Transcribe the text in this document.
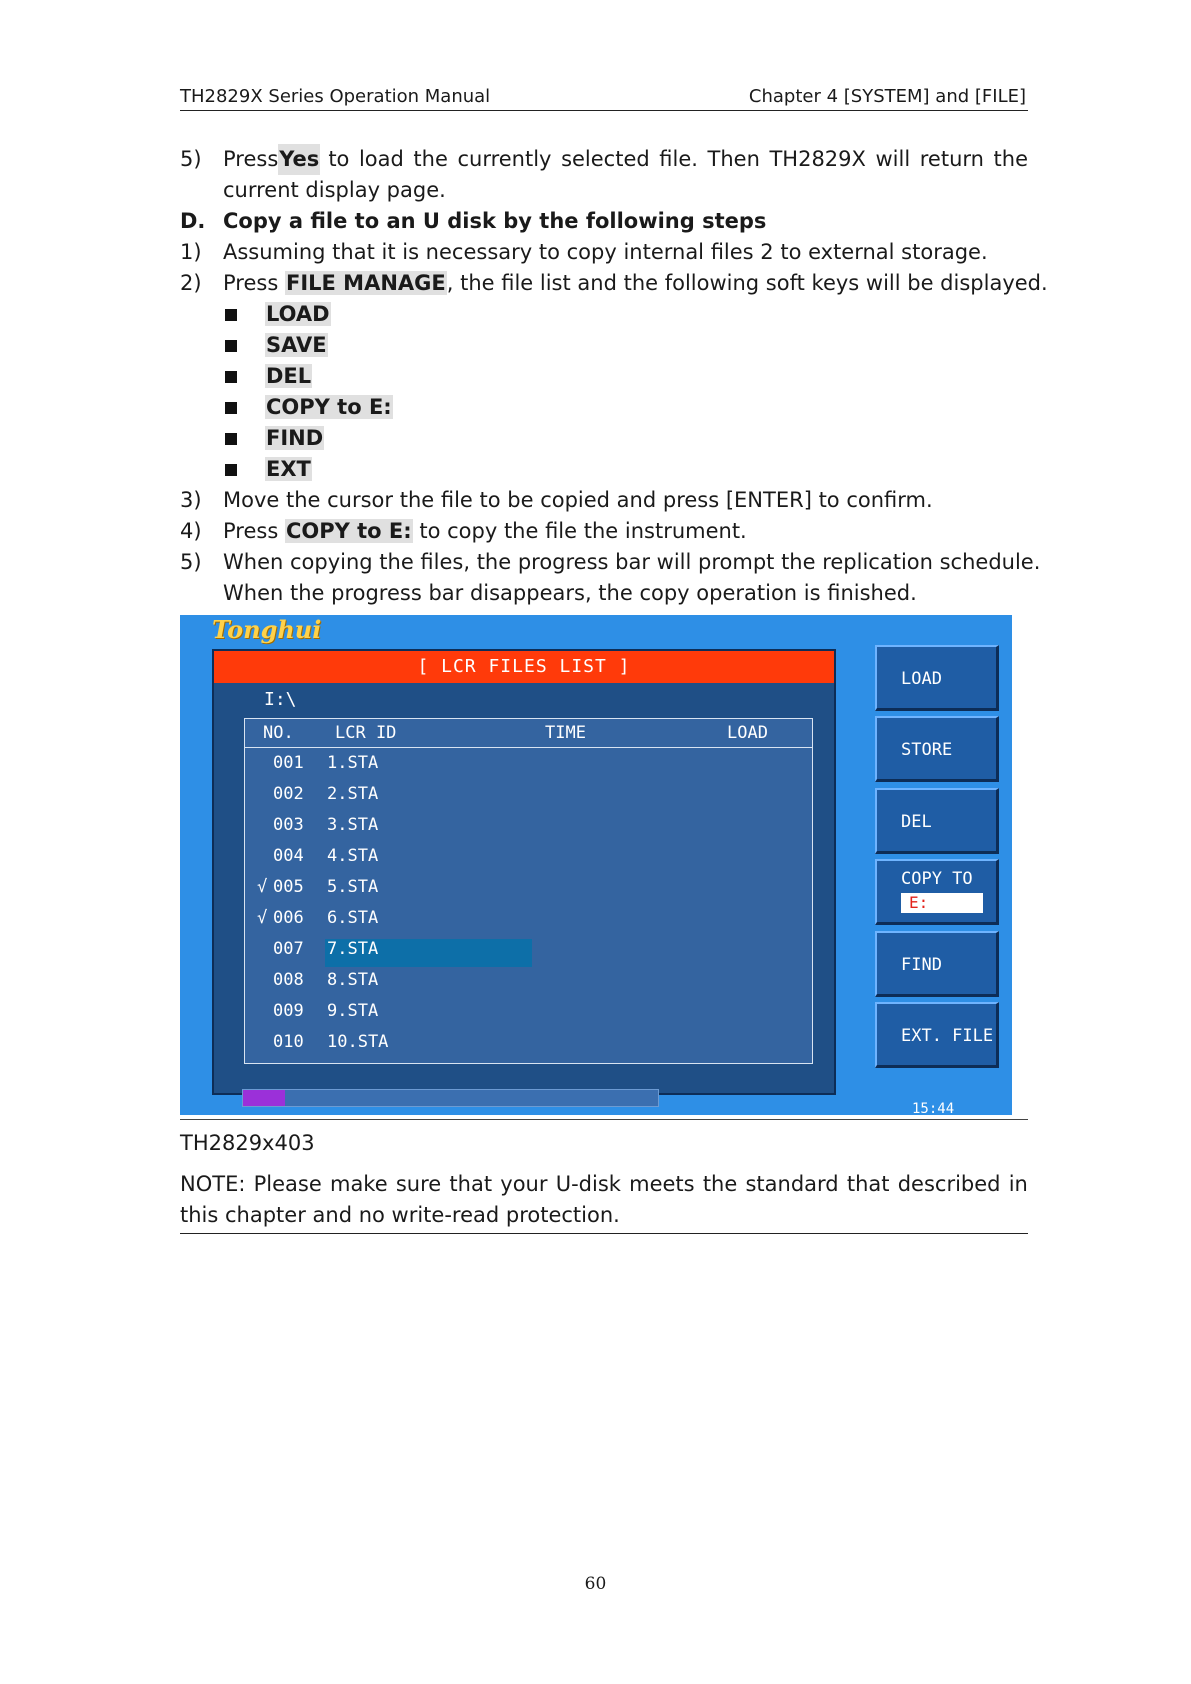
TH2829X Series Operation Manual	Chapter 4 [SYSTEM] and [FILE]
5)	Press Yes to load the currently selected file. Then TH2829X will return the
current display page.
D. Copy a file to an U disk by the following steps
1)	Assuming that it is necessary to copy internal files 2 to external storage.
2)	Press FILE MANAGE, the file list and the following soft keys will be displayed.
LOAD
SAVE
DEL
COPY to E:
FIND
EXT
3)	Move the cursor the file to be copied and press [ENTER] to confirm.
4)	Press COPY to E: to copy the file the instrument.
5)	When copying the files, the progress bar will prompt the replication schedule.
When the progress bar disappears, the copy operation is finished.
Tonghui
[ LCR FILES LIST ]
I:\
NO. LCR ID	TIME	LOAD
001 1.STA
002 2.STA
003 3.STA
004 4.STA
√ 005 5.STA
√ 006 6.STA
007 7.STA
008 8.STA
009 9.STA
010 10.STA
LOAD
STORE
DEL
COPY TO
E:
FIND
EXT. FILE
15:44
TH2829x403
NOTE: Please make sure that your U-disk meets the standard that described in
this chapter and no write-read protection.
60
